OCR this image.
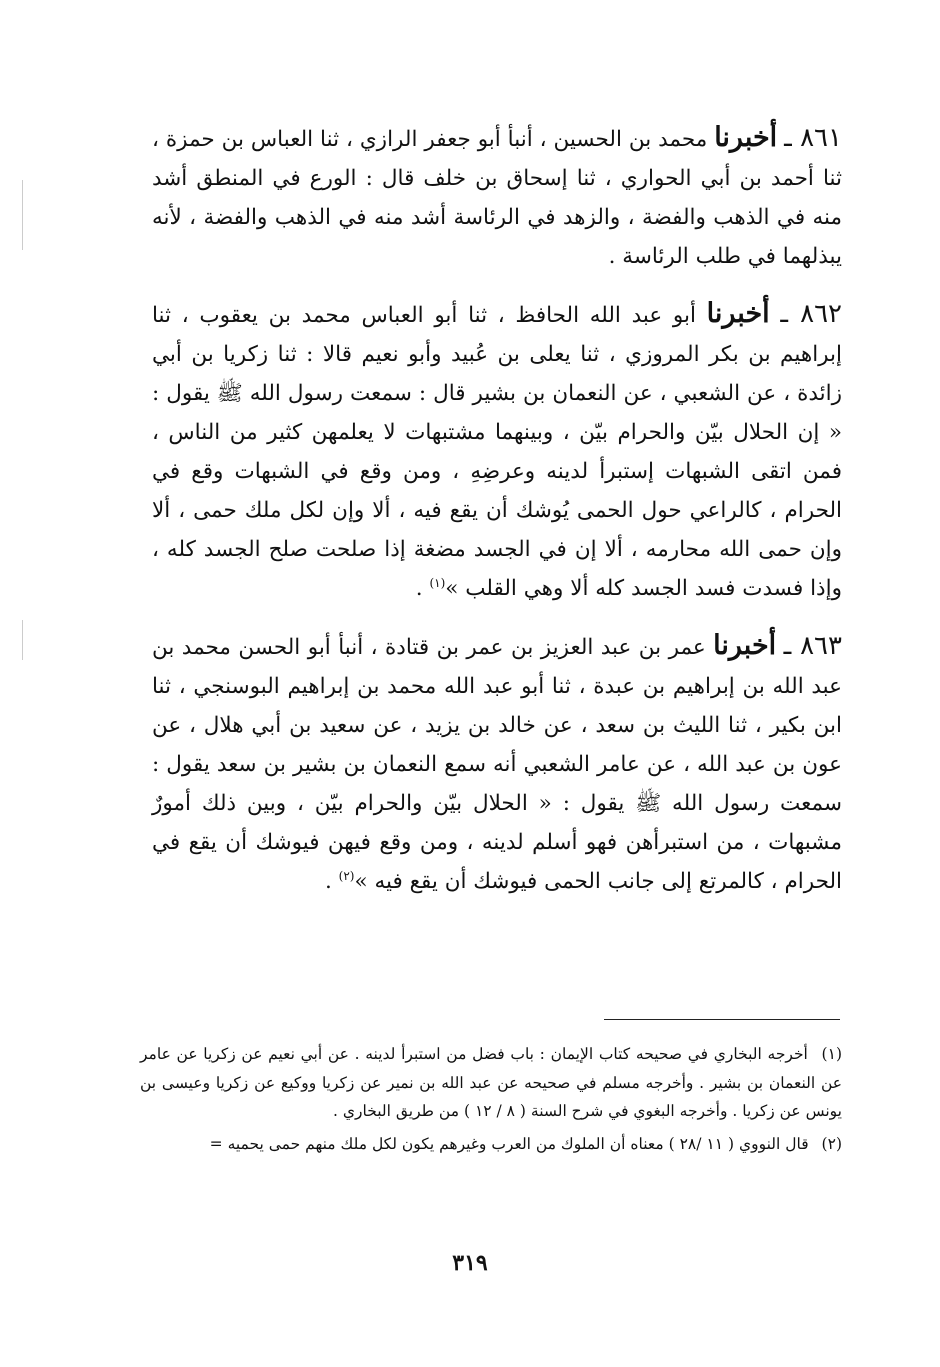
٨٦١ ـ أخبرنا محمد بن الحسين ، أنبأ أبو جعفر الرازي ، ثنا العباس بن حمزة ، ثنا أحمد بن أبي الحواري ، ثنا إسحاق بن خلف قال : الورع في المنطق أشد منه في الذهب والفضة ، والزهد في الرئاسة أشد منه في الذهب والفضة ، لأنه يبذلهما في طلب الرئاسة .

٨٦٢ ـ أخبرنا أبو عبد الله الحافظ ، ثنا أبو العباس محمد بن يعقوب ، ثنا إبراهيم بن بكر المروزي ، ثنا يعلى بن عُبيد وأبو نعيم قالا : ثنا زكريا بن أبي زائدة ، عن الشعبي ، عن النعمان بن بشير قال : سمعت رسول الله ﷺ يقول : « إن الحلال بيّن والحرام بيّن ، وبينهما مشتبهات لا يعلمهن كثير من الناس ، فمن اتقى الشبهات إستبرأ لدينه وعرضِهِ ، ومن وقع في الشبهات وقع في الحرام ، كالراعي حول الحمى يُوشك أن يقع فيه ، ألا وإن لكل ملك حمى ، ألا وإن حمى الله محارمه ، ألا إن في الجسد مضغة إذا صلحت صلح الجسد كله ، وإذا فسدت فسد الجسد كله ألا وهي القلب »$^{(١)}$ .

٨٦٣ ـ أخبرنا عمر بن عبد العزيز بن عمر بن قتادة ، أنبأ أبو الحسن محمد بن عبد الله بن إبراهيم بن عبدة ، ثنا أبو عبد الله محمد بن إبراهيم البوسنجي ، ثنا ابن بكير ، ثنا الليث بن سعد ، عن خالد بن يزيد ، عن سعيد بن أبي هلال ، عن عون بن عبد الله ، عن عامر الشعبي أنه سمع النعمان بن بشير بن سعد يقول : سمعت رسول الله ﷺ يقول : « الحلال بيّن والحرام بيّن ، وبين ذلك أمورٌ مشبهات ، من استبرأهن فهو أسلم لدينه ، ومن وقع فيهن فيوشك أن يقع في الحرام ، كالمرتع إلى جانب الحمى فيوشك أن يقع فيه »$^{(٢)}$ .

(١) أخرجه البخاري في صحيحه كتاب الإيمان : باب فضل من استبرأ لدينه . عن أبي نعيم عن زكريا عن عامر عن النعمان بن بشير . وأخرجه مسلم في صحيحه عن عبد الله بن نمير عن زكريا ووكيع عن زكريا وعيسى بن يونس عن زكريا . وأخرجه البغوي في شرح السنة ( ٨ / ١٢ ) من طريق البخاري .

(٢) قال النووي ( ١١ /٢٨ ) معناه أن الملوك من العرب وغيرهم يكون لكل ملك منهم حمى يحميه =

٣١٩
